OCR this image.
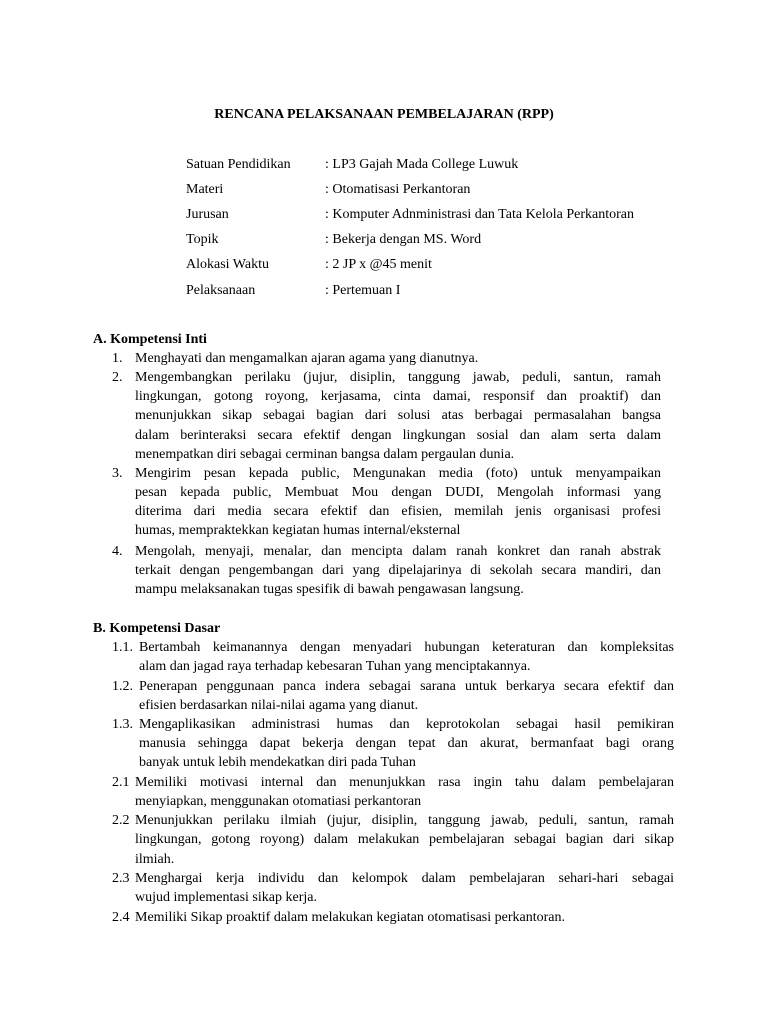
RENCANA PELAKSANAAN PEMBELAJARAN (RPP)
Satuan Pendidikan : LP3 Gajah Mada College Luwuk
Materi	: Otomatisasi Perkantoran
Jurusan	: Komputer Adnministrasi dan Tata Kelola Perkantoran
Topik	: Bekerja dengan MS. Word
Alokasi Waktu	: 2 JP x @45 menit
Pelaksanaan	: Pertemuan I
A. Kompetensi Inti
1. Menghayati dan mengamalkan ajaran agama yang dianutnya.
2. Mengembangkan perilaku (jujur, disiplin, tanggung jawab, peduli, santun, ramah
lingkungan, gotong royong, kerjasama, cinta damai, responsif dan proaktif) dan
menunjukkan sikap sebagai bagian dari solusi atas berbagai permasalahan bangsa
dalam berinteraksi secara efektif dengan lingkungan sosial dan alam serta dalam
menempatkan diri sebagai cerminan bangsa dalam pergaulan dunia.
3. Mengirim pesan kepada public, Mengunakan media (foto) untuk menyampaikan
pesan kepada public, Membuat Mou dengan DUDI, Mengolah informasi yang
diterima dari media secara efektif dan efisien, memilah jenis organisasi profesi
humas, mempraktekkan kegiatan humas internal/eksternal
4. Mengolah, menyaji, menalar, dan mencipta dalam ranah konkret dan ranah abstrak
terkait dengan pengembangan dari yang dipelajarinya di sekolah secara mandiri, dan
mampu melaksanakan tugas spesifik di bawah pengawasan langsung.
B. Kompetensi Dasar
1.1. Bertambah keimanannya dengan menyadari hubungan keteraturan dan kompleksitas
alam dan jagad raya terhadap kebesaran Tuhan yang menciptakannya.
1.2. Penerapan penggunaan panca indera sebagai sarana untuk berkarya secara efektif dan
efisien berdasarkan nilai-nilai agama yang dianut.
1.3. Mengaplikasikan administrasi humas dan keprotokolan sebagai hasil pemikiran
manusia sehingga dapat bekerja dengan tepat dan akurat, bermanfaat bagi orang
banyak untuk lebih mendekatkan diri pada Tuhan
2.1 Memiliki motivasi internal dan menunjukkan rasa ingin tahu dalam pembelajaran
menyiapkan, menggunakan otomatiasi perkantoran
2.2 Menunjukkan perilaku ilmiah (jujur, disiplin, tanggung jawab, peduli, santun, ramah
lingkungan, gotong royong) dalam melakukan pembelajaran sebagai bagian dari sikap
ilmiah.
2.3 Menghargai kerja individu dan kelompok dalam pembelajaran sehari-hari sebagai
wujud implementasi sikap kerja.
2.4 Memiliki Sikap proaktif dalam melakukan kegiatan otomatisasi perkantoran.
